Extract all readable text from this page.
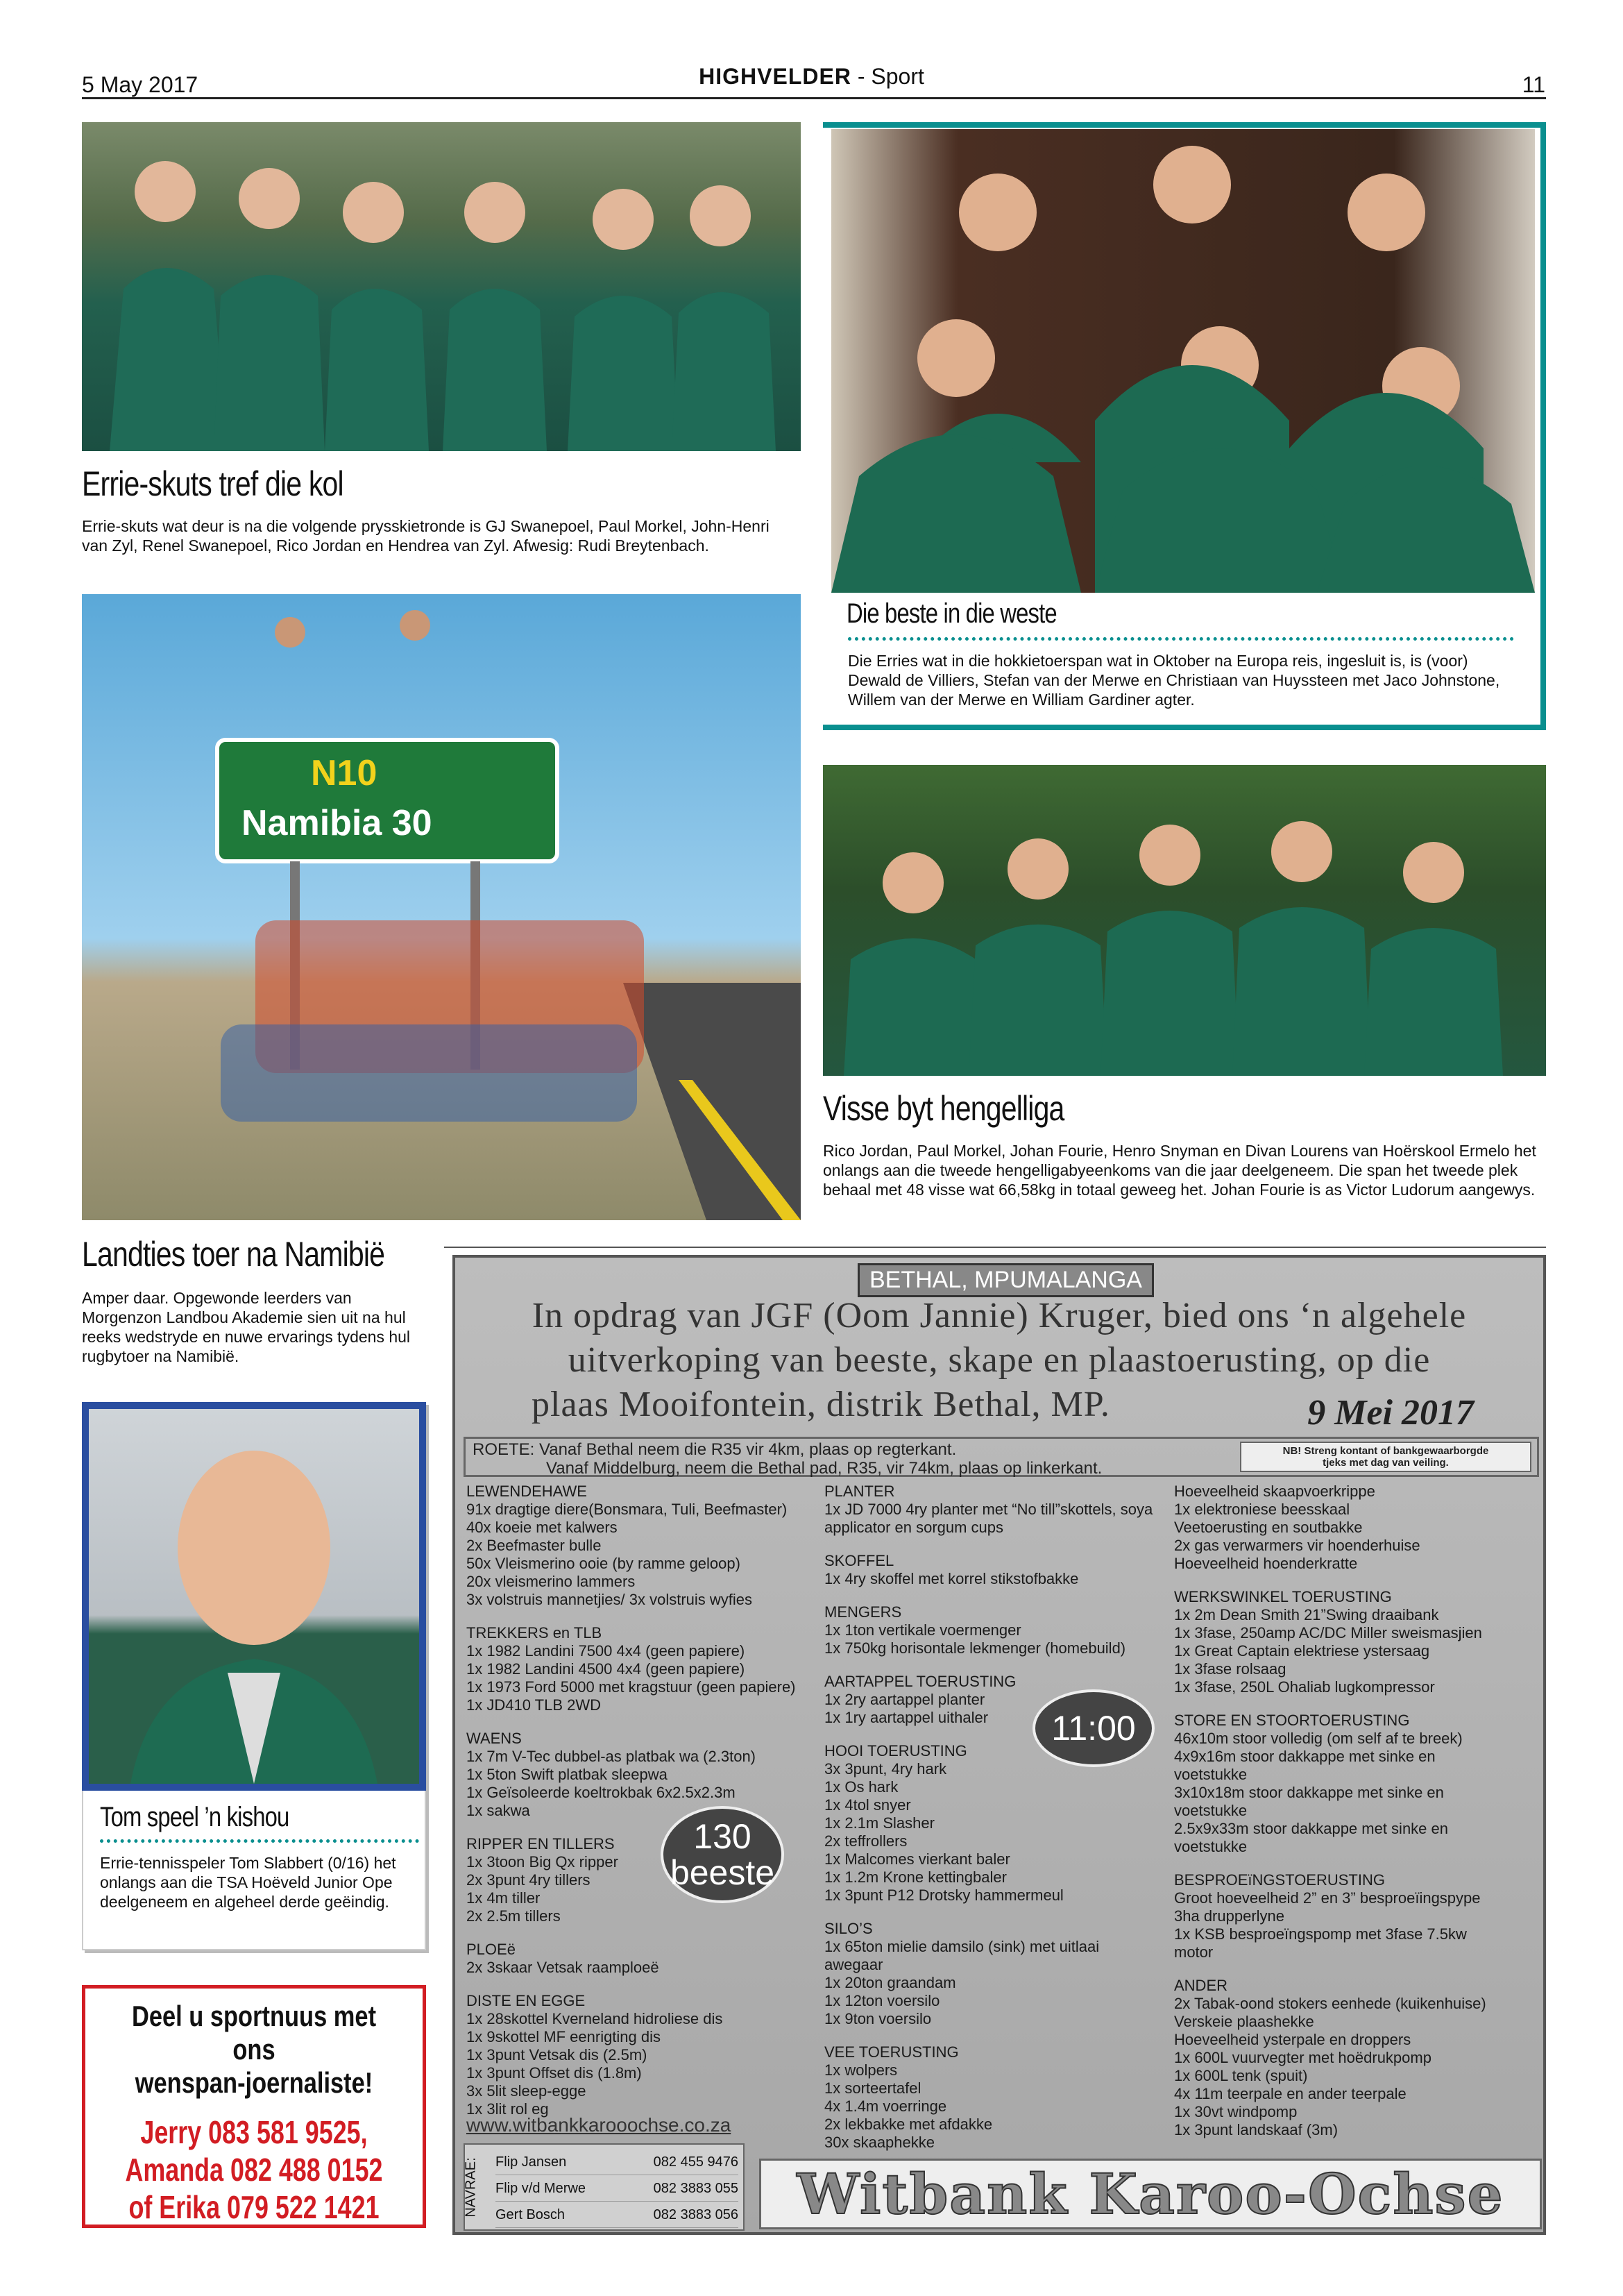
5 May 2017	HIGHVELDER - Sport	11
Errie-skuts tref die kol
Errie-skuts wat deur is na die volgende prysskietronde is GJ Swanepoel, Paul Morkel, John-Henri van Zyl, Renel Swanepoel, Rico Jordan en Hendrea van Zyl. Afwesig: Rudi Breytenbach.
Die beste in die weste
Die Erries wat in die hokkietoerspan wat in Oktober na Europa reis, ingesluit is, is (voor) Dewald de Villiers, Stefan van der Merwe en Christiaan van Huyssteen met Jaco Johnstone, Willem van der Merwe en William Gardiner agter.
N10
Namibia 30
Landties toer na Namibië
Amper daar. Opgewonde leerders van Morgenzon Landbou Akademie sien uit na hul reeks wedstryde en nuwe ervarings tydens hul rugbytoer na Namibië.
Visse byt hengelliga
Rico Jordan, Paul Morkel, Johan Fourie, Henro Snyman en Divan Lourens van Hoërskool Ermelo het onlangs aan die tweede hengelligabyeenkoms van die jaar deelgeneem. Die span het tweede plek behaal met 48 visse wat 66,58kg in totaal geweeg het. Johan Fourie is as Victor Ludorum aangewys.
Tom speel ’n kishou
Errie-tennisspeler Tom Slabbert (0/16) het onlangs aan die TSA Hoëveld Junior Ope deelgeneem en algeheel derde geëindig.
Deel u sportnuus met ons
wenspan-joernaliste!
Jerry 083 581 9525,
Amanda 082 488 0152
of Erika 079 522 1421
BETHAL, MPUMALANGA
In opdrag van JGF (Oom Jannie) Kruger, bied ons ‘n algehele
uitverkoping van beeste, skape en plaastoerusting, op die
plaas Mooifontein, distrik Bethal, MP.	9 Mei 2017
ROETE: Vanaf Bethal neem die R35 vir 4km, plaas op regterkant.
Vanaf Middelburg, neem die Bethal pad, R35, vir 74km, plaas op linkerkant.
NB! Streng kontant of bankgewaarborgde
tjeks met dag van veiling.

LEWENDEHAWE

91x dragtige diere(Bonsmara, Tuli, Beefmaster)

40x koeie met kalwers

2x Beefmaster bulle

50x Vleismerino ooie (by ramme geloop)

20x vleismerino lammers

3x volstruis mannetjies/ 3x volstruis wyfies

TREKKERS en TLB

1x 1982 Landini 7500 4x4 (geen papiere)

1x 1982 Landini 4500 4x4 (geen papiere)

1x 1973 Ford 5000 met kragstuur (geen papiere)

1x JD410 TLB 2WD

WAENS

1x 7m V-Tec dubbel-as platbak wa (2.3ton)

1x 5ton Swift platbak sleepwa

1x Geïsoleerde koeltrokbak 6x2.5x2.3m

1x sakwa

RIPPER EN TILLERS

1x 3toon Big Qx ripper

2x 3punt 4ry tillers

1x 4m tiller

2x 2.5m tillers

PLOEë

2x 3skaar Vetsak raamploeë

DISTE EN EGGE

1x 28skottel Kverneland hidroliese dis

1x 9skottel MF eenrigting dis

1x 3punt Vetsak dis (2.5m)

1x 3punt Offset dis (1.8m)

3x 5lit sleep-egge

1x 3lit rol eg

PLANTER

1x JD 7000 4ry planter met “No till”skottels, soya

applicator en sorgum cups

SKOFFEL

1x 4ry skoffel met korrel stikstofbakke

MENGERS

1x 1ton vertikale voermenger

1x 750kg horisontale lekmenger (homebuild)

AARTAPPEL TOERUSTING

1x 2ry aartappel planter

1x 1ry aartappel uithaler

HOOI TOERUSTING

3x 3punt, 4ry hark

1x Os hark

1x 4tol snyer

1x 2.1m Slasher

2x teffrollers

1x Malcomes vierkant baler

1x 1.2m Krone kettingbaler

1x 3punt P12 Drotsky hammermeul

SILO’S

1x 65ton mielie damsilo (sink) met uitlaai

awegaar

1x 20ton graandam

1x 12ton voersilo

1x 9ton voersilo

VEE TOERUSTING

1x wolpers

1x sorteertafel

4x 1.4m voerringe

2x lekbakke met afdakke

30x skaaphekke

Hoeveelheid skaapvoerkrippe

1x elektroniese beesskaal

Veetoerusting en soutbakke

2x gas verwarmers vir hoenderhuise

Hoeveelheid hoenderkratte

WERKSWINKEL TOERUSTING

1x 2m Dean Smith 21”Swing draaibank

1x 3fase, 250amp AC/DC Miller sweismasjien

1x Great Captain elektriese ystersaag

1x 3fase rolsaag

1x 3fase, 250L Ohaliab lugkompressor

STORE EN STOORTOERUSTING

46x10m stoor volledig (om self af te breek)

4x9x16m stoor dakkappe met sinke en

voetstukke

3x10x18m stoor dakkappe met sinke en

voetstukke

2.5x9x33m stoor dakkappe met sinke en

voetstukke

BESPROEïNGSTOERUSTING

Groot hoeveelheid 2” en 3” besproeïingspype

3ha drupperlyne

1x KSB besproeïngspomp met 3fase 7.5kw

motor

ANDER

2x Tabak-oond stokers eenhede (kuikenhuise)

Verskeie plaashekke

Hoeveelheid ysterpale en droppers

1x 600L vuurvegter met hoëdrukpomp

1x 600L tenk (spuit)

4x 11m teerpale en ander teerpale

1x 30vt windpomp

1x 3punt landskaaf (3m)

130
beeste
11:00
www.witbankkarooochse.co.za
NAVRAE: Flip Jansen	082 455 9476
Flip v/d Merwe	082 3883 055
Gert Bosch	082 3883 056	Witbank Karoo-Ochse
